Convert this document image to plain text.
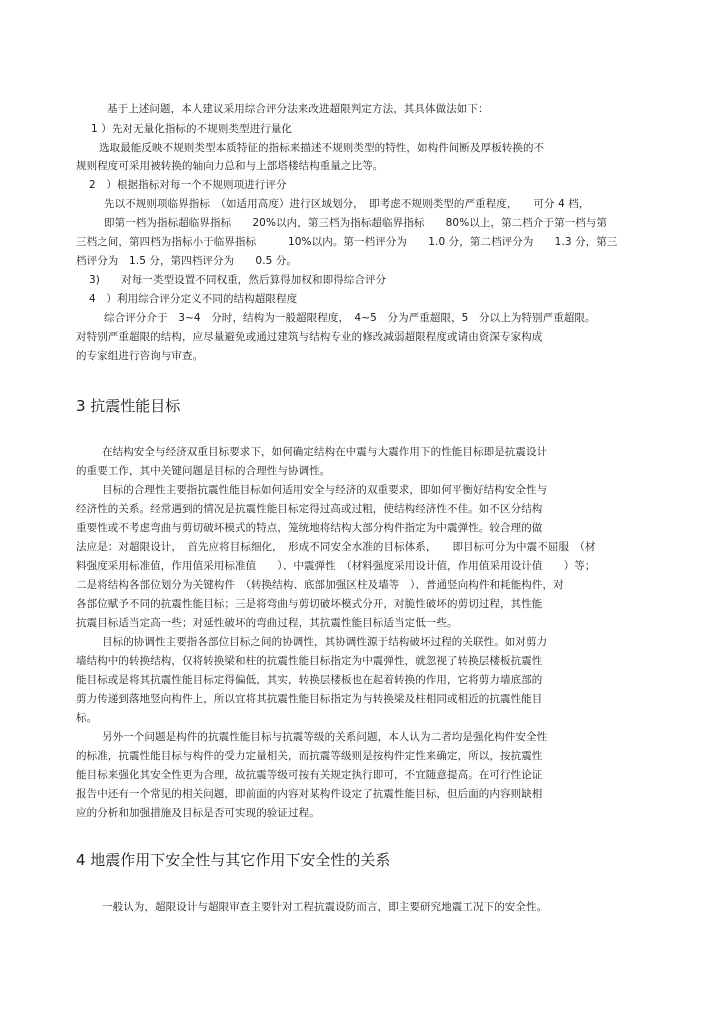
基于上述问题，本人建议采用综合评分法来改进超限判定方法，其具体做法如下：
1 ）先对无量化指标的不规则类型进行量化
选取最能反映不规则类型本质特征的指标来描述不规则类型的特性，如构件间断及厚板转换的不
规则程度可采用被转换的轴向力总和与上部塔楼结构重量之比等。
2　）根据指标对每一个不规则项进行评分
先以不规则项临界指标　（如适用高度）进行区域划分，　即考虑不规则类型的严重程度，　　可分 4 档，
即第一档为指标超临界指标　　20%以内，第三档为指标超临界指标　　80%以上，第二档介于第一档与第
三档之间，第四档为指标小于临界指标　　　10%以内。第一档评分为　　1.0 分，第二档评分为　　1.3 分，第三
档评分为　1.5 分，第四档评分为　　0.5 分。
3)　　对每一类型设置不同权重，然后算得加权和即得综合评分
4　）利用综合评分定义不同的结构超限程度
综合评分介于　3~4　分时，结构为一般超限程度，　4~5　分为严重超限，5　分以上为特别严重超限。
对特别严重超限的结构，应尽量避免或通过建筑与结构专业的修改减弱超限程度或请由资深专家构成
的专家组进行咨询与审查。
3 抗震性能目标
在结构安全与经济双重目标要求下，如何确定结构在中震与大震作用下的性能目标即是抗震设计
的重要工作，其中关键问题是目标的合理性与协调性。
目标的合理性主要指抗震性能目标如何适用安全与经济的双重要求，即如何平衡好结构安全性与
经济性的关系。经常遇到的情况是抗震性能目标定得过高或过粗，使结构经济性不佳。如不区分结构
重要性或不考虑弯曲与剪切破坏模式的特点，笼统地将结构大部分构件指定为中震弹性。较合理的做
法应是：对超限设计，　首先应将目标细化，　形成不同安全水准的目标体系，　　即目标可分为中震不屈服　（材
料强度采用标准值，作用值采用标准值　　）、中震弹性　（材料强度采用设计值，作用值采用设计值　　）等；
二是将结构各部位划分为关键构件　（转换结构、底部加强区柱及墙等　）、普通竖向构件和耗能构件，对
各部位赋予不同的抗震性能目标；三是将弯曲与剪切破坏模式分开，对脆性破坏的剪切过程，其性能
抗震目标适当定高一些；对延性破坏的弯曲过程，其抗震性能目标适当定低一些。
目标的协调性主要指各部位目标之间的协调性，其协调性源于结构破坏过程的关联性。如对剪力
墙结构中的转换结构，仅将转换梁和柱的抗震性能目标指定为中震弹性，就忽视了转换层楼板抗震性
能目标或是将其抗震性能目标定得偏低，其实，转换层楼板也在起着转换的作用，它将剪力墙底部的
剪力传递到落地竖向构件上，所以宜将其抗震性能目标指定为与转换梁及柱相同或相近的抗震性能目
标。
另外一个问题是构件的抗震性能目标与抗震等级的关系问题，本人认为二者均是强化构件安全性
的标准，抗震性能目标与构件的受力定量相关，而抗震等级则是按构件定性来确定，所以，按抗震性
能目标来强化其安全性更为合理，故抗震等级可按有关规定执行即可，不宜随意提高。在可行性论证
报告中还有一个常见的相关问题，即前面的内容对某构件设定了抗震性能目标，但后面的内容则缺相
应的分析和加强措施及目标是否可实现的验证过程。
4 地震作用下安全性与其它作用下安全性的关系
一般认为，超限设计与超限审查主要针对工程抗震设防而言，即主要研究地震工况下的安全性。
